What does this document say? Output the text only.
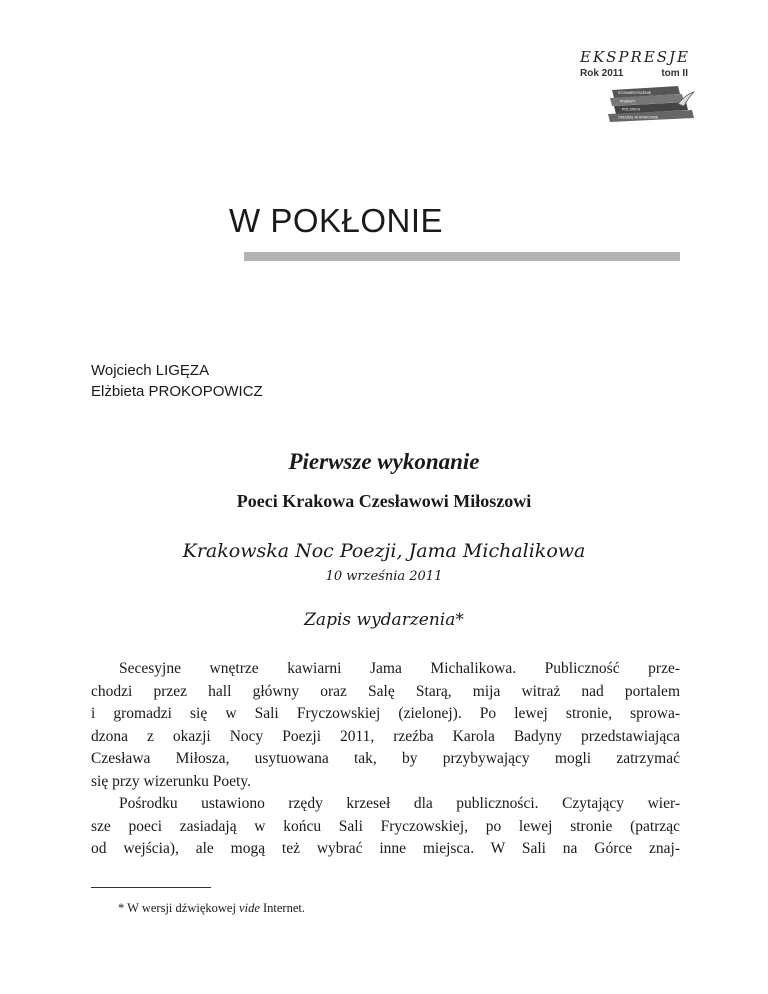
EKSPRESJE

Rok 2011	tom II
STOWARZYSZENIE
PISARZY
POLSKICH
ODDZIAŁ W KRAKOWIE
W POKŁONIE
Wojciech LIGĘZA
Elżbieta PROKOPOWICZ
Pierwsze wykonanie
Poeci Krakowa Czesławowi Miłoszowi

Krakowska Noc Poezji, Jama Michalikowa

10 września 2011

Zapis wydarzenia*

Secesyjne wnętrze kawiarni Jama Michalikowa. Publiczność prze-
chodzi przez hall główny oraz Salę Starą, mija witraż nad portalem
i gromadzi się w Sali Fryczowskiej (zielonej). Po lewej stronie, sprowa-
dzona z okazji Nocy Poezji 2011, rzeźba Karola Badyny przedstawiająca
Czesława Miłosza, usytuowana tak, by przybywający mogli zatrzymać
się przy wizerunku Poety.

Pośrodku ustawiono rzędy krzeseł dla publiczności. Czytający wier-
sze poeci zasiadają w końcu Sali Fryczowskiej, po lewej stronie (patrząc
od wejścia), ale mogą też wybrać inne miejsca. W Sali na Górce znaj-

* W wersji dźwiękowej vide Internet.
